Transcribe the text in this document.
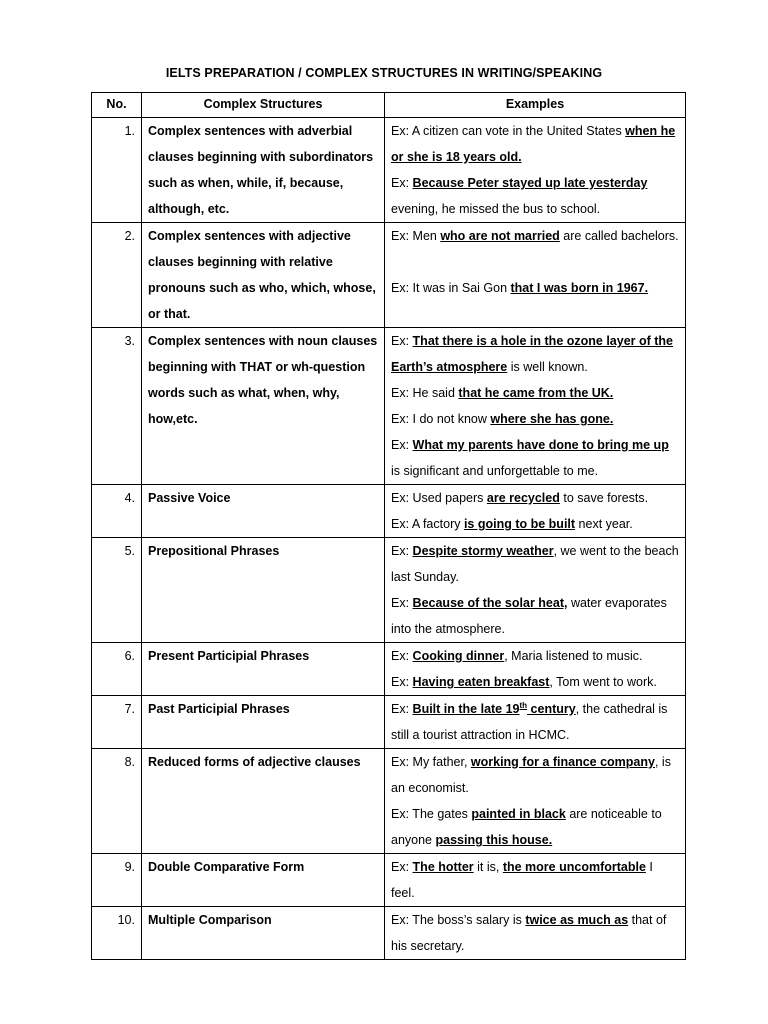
IELTS PREPARATION / COMPLEX STRUCTURES IN WRITING/SPEAKING
No.	Complex Structures	Examples
1.	Complex sentences with adverbial clauses beginning with subordinators such as when, while, if, because, although, etc.	Ex: A citizen can vote in the United States when he or she is 18 years old.
Ex: Because Peter stayed up late yesterday evening, he missed the bus to school.

2.	Complex sentences with adjective clauses beginning with relative pronouns such as who, which, whose, or that.	Ex: Men who are not married are called bachelors.
Ex: It was in Sai Gon that I was born in 1967.

3.	Complex sentences with noun clauses beginning with THAT or wh-question words such as what, when, why, how,etc.	Ex: That there is a hole in the ozone layer of the Earth’s atmosphere is well known.
Ex: He said that he came from the UK.
Ex: I do not know where she has gone.
Ex: What my parents have done to bring me up is significant and unforgettable to me.

4.	Passive Voice	Ex: Used papers are recycled to save forests.
Ex: A factory is going to be built next year.

5.	Prepositional Phrases	Ex: Despite stormy weather, we went to the beach last Sunday.
Ex: Because of the solar heat, water evaporates into the atmosphere.

6.	Present Participial Phrases	Ex: Cooking dinner, Maria listened to music.
Ex: Having eaten breakfast, Tom went to work.

7.	Past Participial Phrases	Ex: Built in the late 19th century, the cathedral is still a tourist attraction in HCMC.

8.	Reduced forms of adjective clauses	Ex: My father, working for a finance company, is an economist.
Ex: The gates painted in black are noticeable to anyone passing this house.

9.	Double Comparative Form	Ex: The hotter it is, the more uncomfortable I feel.

10.	Multiple Comparison	Ex: The boss’s salary is twice as much as that of his secretary.
